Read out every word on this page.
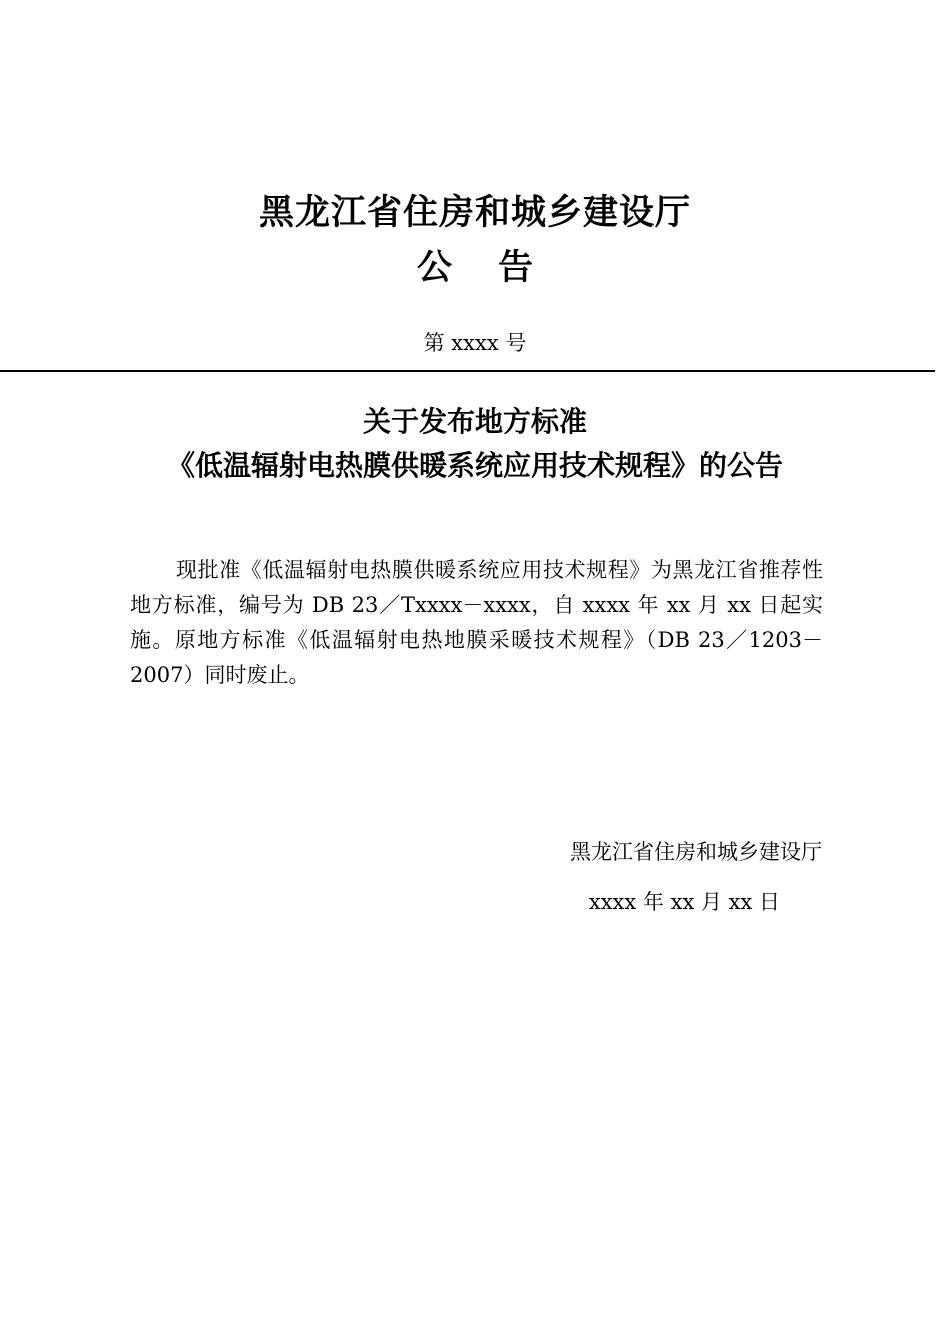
黑龙江省住房和城乡建设厅
公告
第 xxxx 号
关于发布地方标准
《低温辐射电热膜供暖系统应用技术规程》的公告
现批准《低温辐射电热膜供暖系统应用技术规程》为黑龙江省推荐性地方标准，编号为 DB 23／Txxxx－xxxx，自 xxxx 年 xx 月 xx 日起实施。原地方标准《低温辐射电热地膜采暖技术规程》（DB 23／1203－2007）同时废止。
黑龙江省住房和城乡建设厅
xxxx 年 xx 月 xx 日
